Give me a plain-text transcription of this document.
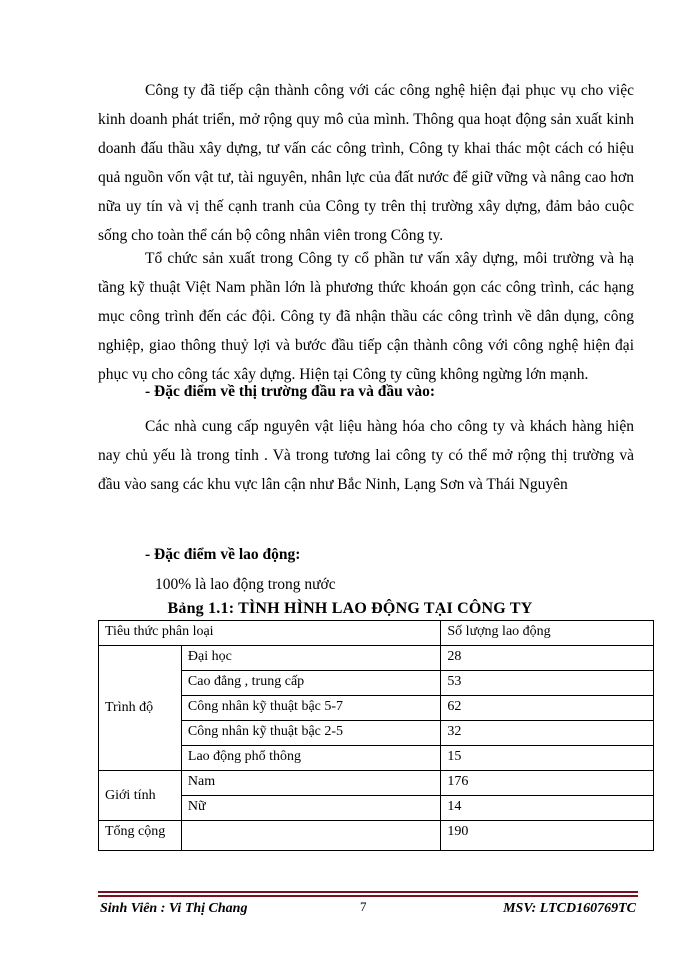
Công ty đã tiếp cận thành công với các công nghệ hiện đại phục vụ cho việc kinh doanh phát triển, mở rộng quy mô của mình. Thông qua hoạt động sản xuất kinh doanh đấu thầu xây dựng, tư vấn các công trình, Công ty khai thác một cách có hiệu quả nguồn vốn vật tư, tài nguyên, nhân lực của đất nước để giữ vững và nâng cao hơn nữa uy tín và vị thế cạnh tranh của Công ty trên thị trường xây dựng, đảm bảo cuộc sống cho toàn thể cán bộ công nhân viên trong Công ty.
Tổ chức sản xuất trong Công ty cổ phần tư vấn xây dựng, môi trường và hạ tầng kỹ thuật Việt Nam phần lớn là phương thức khoán gọn các công trình, các hạng mục công trình đến các đội. Công ty đã nhận thầu các công trình về dân dụng, công nghiệp, giao thông thuỷ lợi và bước đầu tiếp cận thành công với công nghệ hiện đại phục vụ cho công tác xây dựng. Hiện tại Công ty cũng không ngừng lớn mạnh.
- Đặc điểm về thị trường đầu ra và đầu vào:
Các nhà cung cấp nguyên vật liệu hàng hóa cho công ty và khách hàng hiện nay chủ yếu là trong tỉnh . Và trong tương lai công ty có thể mở rộng thị trường và đầu vào sang các khu vực lân cận như Bắc Ninh, Lạng Sơn và Thái Nguyên
- Đặc điểm về lao động:
100% là lao động trong nước
Bảng 1.1: TÌNH HÌNH LAO ĐỘNG TẠI CÔNG TY
Tiêu thức phân loại		Số lượng lao động
Trình độ	Đại học	28
	Cao đẳng , trung cấp	53
	Công nhân kỹ thuật bậc 5-7	62
	Công nhân kỹ thuật bậc 2-5	32
	Lao động phổ thông	15
Giới tính	Nam	176
	Nữ	14
Tổng cộng		190
Sinh Viên : Vi Thị Chang	7	MSV: LTCD160769TC
